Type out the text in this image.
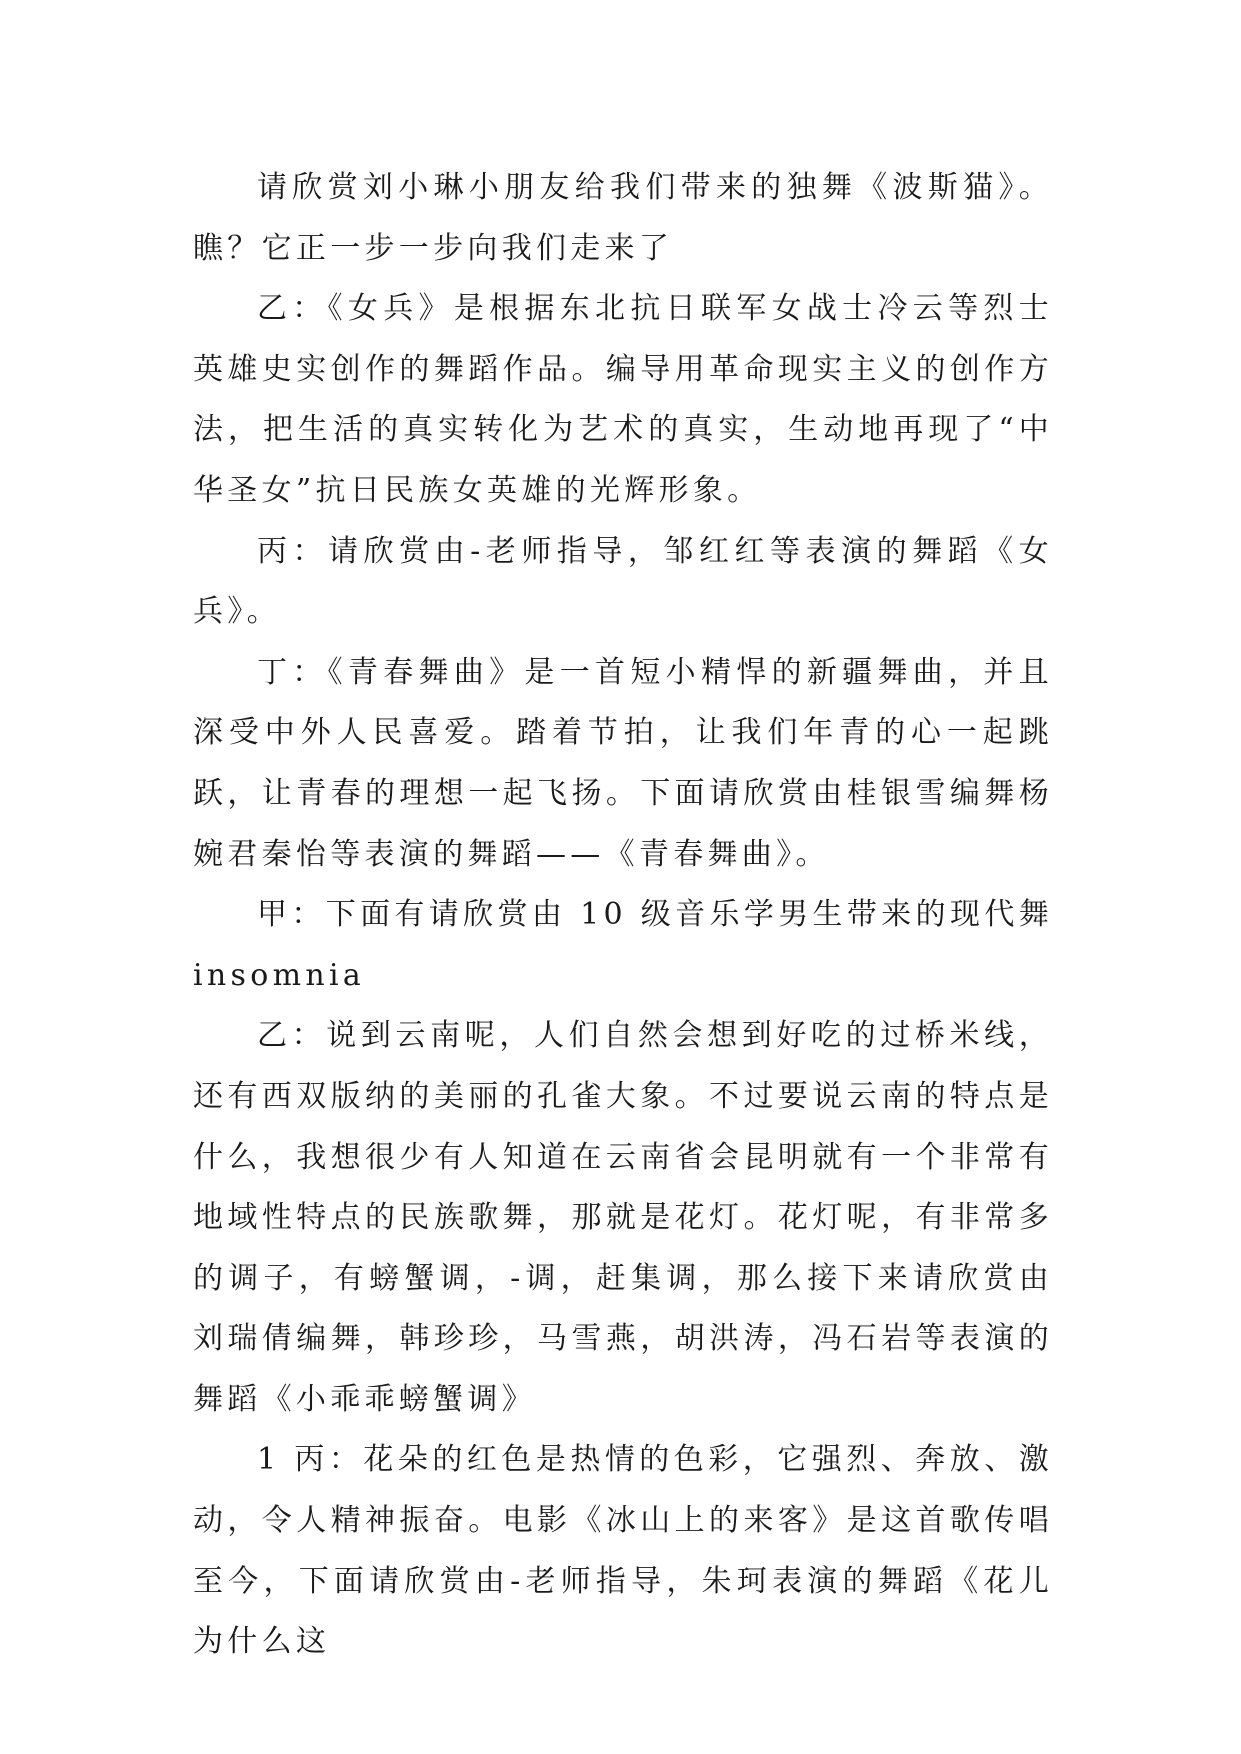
请欣赏刘小琳小朋友给我们带来的独舞《波斯猫》。瞧？它正一步一步向我们走来了

乙：《女兵》是根据东北抗日联军女战士冷云等烈士英雄史实创作的舞蹈作品。编导用革命现实主义的创作方法，把生活的真实转化为艺术的真实，生动地再现了“中华圣女”抗日民族女英雄的光辉形象。

丙：请欣赏由-老师指导，邹红红等表演的舞蹈《女兵》。

丁：《青春舞曲》是一首短小精悍的新疆舞曲，并且深受中外人民喜爱。踏着节拍，让我们年青的心一起跳跃，让青春的理想一起飞扬。下面请欣赏由桂银雪编舞杨婉君秦怡等表演的舞蹈——《青春舞曲》。

甲：下面有请欣赏由 10 级音乐学男生带来的现代舞 insomnia

乙：说到云南呢，人们自然会想到好吃的过桥米线，还有西双版纳的美丽的孔雀大象。不过要说云南的特点是什么，我想很少有人知道在云南省会昆明就有一个非常有地域性特点的民族歌舞，那就是花灯。花灯呢，有非常多的调子，有螃蟹调，-调，赶集调，那么接下来请欣赏由刘瑞倩编舞，韩珍珍，马雪燕，胡洪涛，冯石岩等表演的舞蹈《小乖乖螃蟹调》

1 丙：花朵的红色是热情的色彩，它强烈、奔放、激动，令人精神振奋。电影《冰山上的来客》是这首歌传唱至今，下面请欣赏由-老师指导，朱珂表演的舞蹈《花儿为什么这
